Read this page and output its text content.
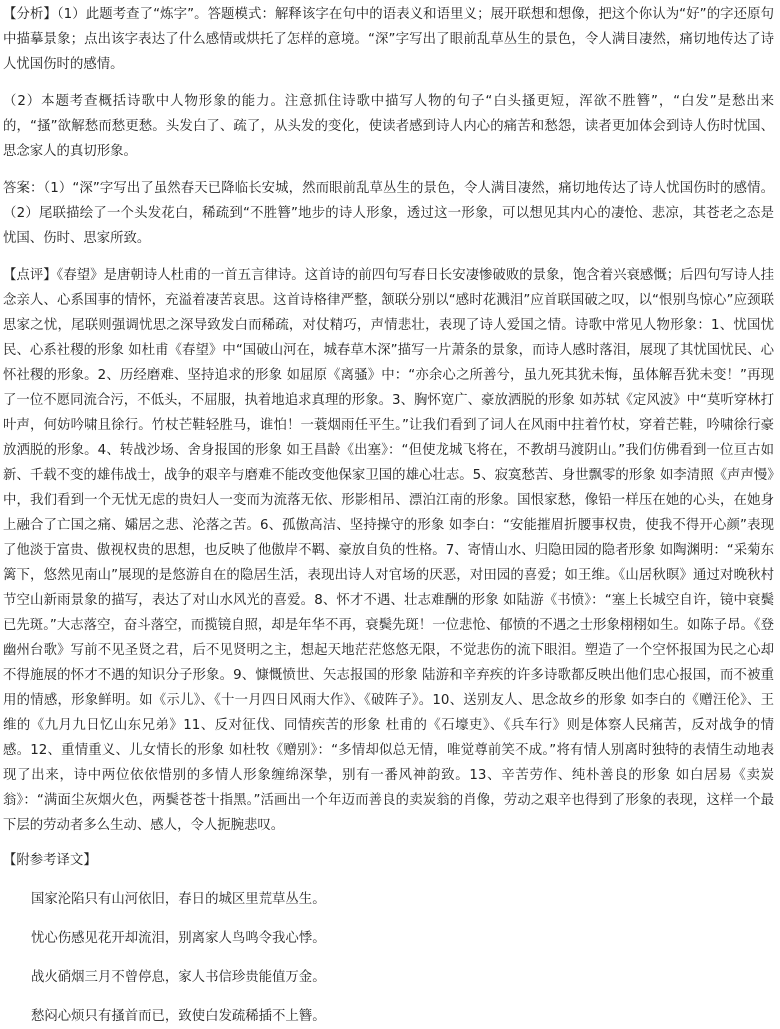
【分析】（1）此题考查了“炼字”。答题模式：解释该字在句中的语表义和语里义；展开联想和想像，把这个你认为“好”的字还原句中描摹景象；点出该字表达了什么感情或烘托了怎样的意境。“深”字写出了眼前乱草丛生的景色，令人满目凄然，痛切地传达了诗人忧国伤时的感情。

（2）本题考查概括诗歌中人物形象的能力。注意抓住诗歌中描写人物的句子“白头搔更短，浑欲不胜簪”，“白发”是愁出来的，“搔”欲解愁而愁更愁。头发白了、疏了，从头发的变化，使读者感到诗人内心的痛苦和愁怨，读者更加体会到诗人伤时忧国、思念家人的真切形象。

答案：（1）“深”字写出了虽然春天已降临长安城，然而眼前乱草丛生的景色，令人满目凄然，痛切地传达了诗人忧国伤时的感情。（2）尾联描绘了一个头发花白，稀疏到“不胜簪”地步的诗人形象，透过这一形象，可以想见其内心的凄怆、悲凉，其苍老之态是忧国、伤时、思家所致。

【点评】《春望》是唐朝诗人杜甫的一首五言律诗。这首诗的前四句写春日长安凄惨破败的景象，饱含着兴衰感慨；后四句写诗人挂念亲人、心系国事的情怀，充溢着凄苦哀思。这首诗格律严整，颔联分别以“感时花溅泪”应首联国破之叹，以“恨别鸟惊心”应颈联思家之忧，尾联则强调忧思之深导致发白而稀疏，对仗精巧，声情悲壮，表现了诗人爱国之情。诗歌中常见人物形象：1、忧国忧民、心系社稷的形象 如杜甫《春望》中“国破山河在，城春草木深”描写一片萧条的景象，而诗人感时落泪，展现了其忧国忧民、心怀社稷的形象。2、历经磨难、坚持追求的形象 如屈原《离骚》中：“亦余心之所善兮，虽九死其犹未悔，虽体解吾犹未变！”再现了一位不愿同流合污，不低头，不屈服，执着地追求真理的形象。3、胸怀宽广、豪放洒脱的形象 如苏轼《定风波》中“莫听穿林打叶声，何妨吟啸且徐行。竹杖芒鞋轻胜马，谁怕！一蓑烟雨任平生。”让我们看到了词人在风雨中拄着竹杖，穿着芒鞋，吟啸徐行豪放洒脱的形象。4、转战沙场、舍身报国的形象 如王昌龄《出塞》：“但使龙城飞将在，不教胡马渡阴山。”我们仿佛看到一位亘古如新、千载不变的雄伟战士，战争的艰辛与磨难不能改变他保家卫国的雄心壮志。5、寂寞愁苦、身世飘零的形象 如李清照《声声慢》中，我们看到一个无忧无虑的贵妇人一变而为流落无依、形影相吊、漂泊江南的形象。国恨家愁，像铅一样压在她的心头，在她身上融合了亡国之痛、孀居之悲、沦落之苦。6、孤傲高洁、坚持操守的形象 如李白：“安能摧眉折腰事权贵，使我不得开心颜”表现了他淡于富贵、傲视权贵的思想，也反映了他傲岸不羁、豪放自负的性格。7、寄情山水、归隐田园的隐者形象 如陶渊明：“采菊东篱下，悠然见南山”展现的是悠游自在的隐居生活，表现出诗人对官场的厌恶，对田园的喜爱；如王维。《山居秋暝》通过对晚秋村节空山新雨景象的描写，表达了对山水风光的喜爱。8、怀才不遇、壮志难酬的形象 如陆游《书愤》：“塞上长城空自许，镜中衰鬓已先斑。”大志落空，奋斗落空，而揽镜自照，却是年华不再，衰鬓先斑！一位悲怆、郁愤的不遇之士形象栩栩如生。如陈子昂。《登幽州台歌》写前不见圣贤之君，后不见贤明之主，想起天地茫茫悠悠无限，不觉悲伤的流下眼泪。塑造了一个空怀报国为民之心却不得施展的怀才不遇的知识分子形象。9、慷慨愤世、矢志报国的形象 陆游和辛弃疾的许多诗歌都反映出他们忠心报国，而不被重用的情感，形象鲜明。如《示儿》、《十一月四日风雨大作》、《破阵子》。10、送别友人、思念故乡的形象 如李白的《赠汪伦》、王维的《九月九日忆山东兄弟》11、反对征伐、同情疾苦的形象 杜甫的《石壕吏》、《兵车行》则是体察人民痛苦，反对战争的情感。12、重情重义、儿女情长的形象 如杜牧《赠别》：“多情却似总无情，唯觉尊前笑不成。”将有情人别离时独特的表情生动地表现了出来，诗中两位依依惜别的多情人形象缠绵深挚，别有一番风神韵致。13、辛苦劳作、纯朴善良的形象 如白居易《卖炭翁》：“满面尘灰烟火色，两鬓苍苍十指黑。”活画出一个年迈而善良的卖炭翁的肖像，劳动之艰辛也得到了形象的表现，这样一个最下层的劳动者多么生动、感人，令人扼腕悲叹。

【附参考译文】

国家沦陷只有山河依旧，春日的城区里荒草丛生。

忧心伤感见花开却流泪，别离家人鸟鸣令我心悸。

战火硝烟三月不曾停息，家人书信珍贵能值万金。

愁闷心烦只有搔首而已，致使白发疏稀插不上簪。
